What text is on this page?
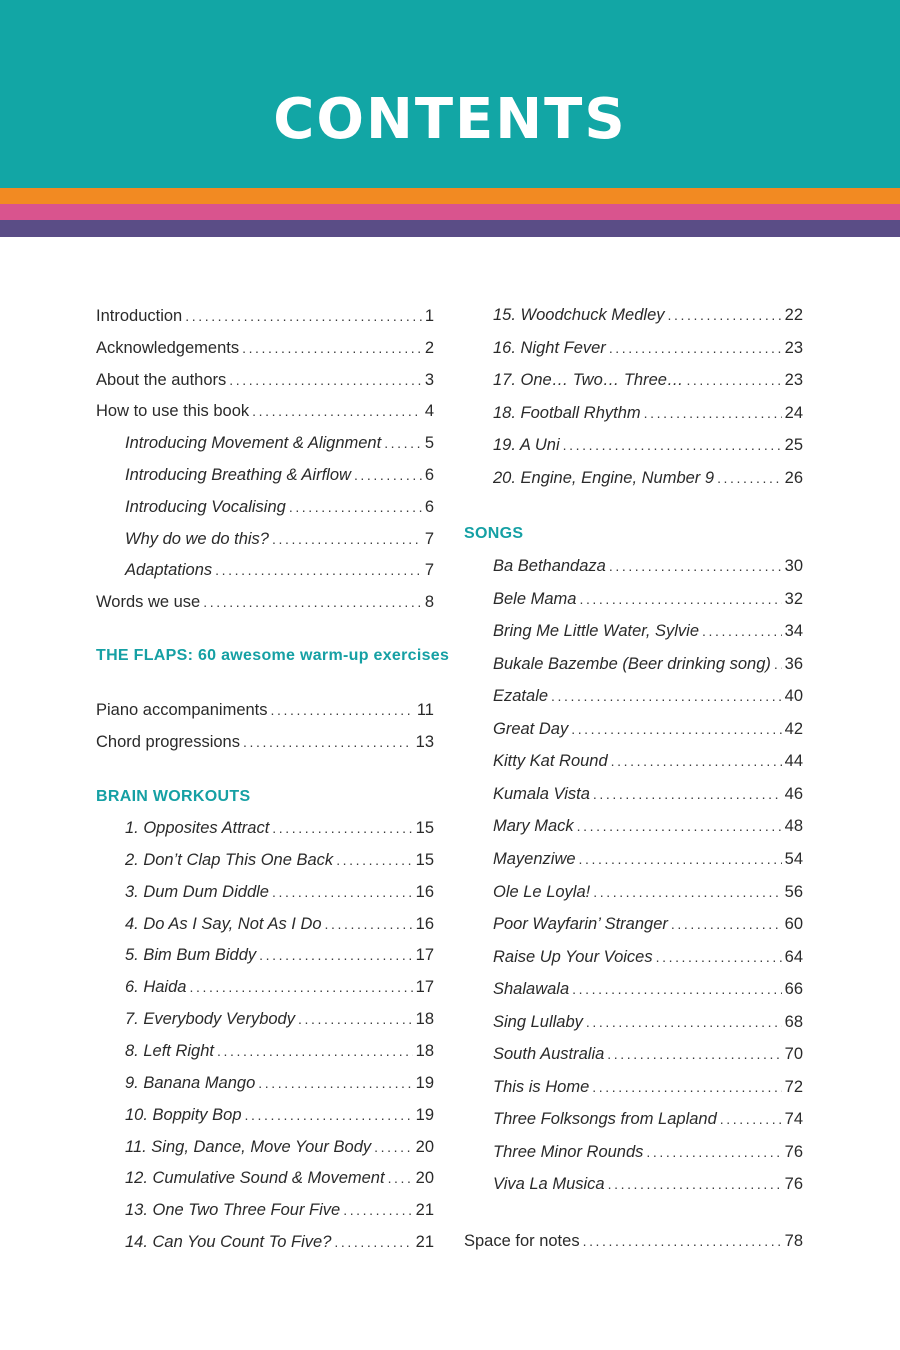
CONTENTS
Introduction .....	1
Acknowledgements .....	2
About the authors .....	3
How to use this book .....	4
Introducing Movement & Alignment .....	5
Introducing Breathing & Airflow .....	6
Introducing Vocalising .....	6
Why do we do this? .....	7
Adaptations .....	7
Words we use .....	8
THE FLAPS: 60 awesome warm-up exercises
Piano accompaniments .....	11
Chord progressions .....	13
BRAIN WORKOUTS
1. Opposites Attract .....	15
2. Don’t Clap This One Back .....	15
3. Dum Dum Diddle .....	16
4. Do As I Say, Not As I Do .....	16
5. Bim Bum Biddy .....	17
6. Haida .....	17
7. Everybody Verybody .....	18
8. Left Right .....	18
9. Banana Mango .....	19
10. Boppity Bop .....	19
11. Sing, Dance, Move Your Body .....	20
12. Cumulative Sound & Movement ..... 20
13. One Two Three Four Five .....	21
14. Can You Count To Five? .....	21
15. Woodchuck Medley .....	22
16. Night Fever .....	23
17. One… Two… Three… .....	23
18. Football Rhythm .....	24
19. A Uni .....	25
20. Engine, Engine, Number 9 .....	26
SONGS
Ba Bethandaza .....	30
Bele Mama .....	32
Bring Me Little Water, Sylvie .....	34
Bukale Bazembe (Beer drinking song) ..... 36
Ezatale .....	40
Great Day .....	42
Kitty Kat Round .....	44
Kumala Vista .....	46
Mary Mack .....	48
Mayenziwe .....	54
Ole Le Loyla! .....	56
Poor Wayfarin’ Stranger .....	60
Raise Up Your Voices .....	64
Shalawala .....	66
Sing Lullaby .....	68
South Australia .....	70
This is Home .....	72
Three Folksongs from Lapland .....	74
Three Minor Rounds .....	76
Viva La Musica .....	76
Space for notes .....	78
